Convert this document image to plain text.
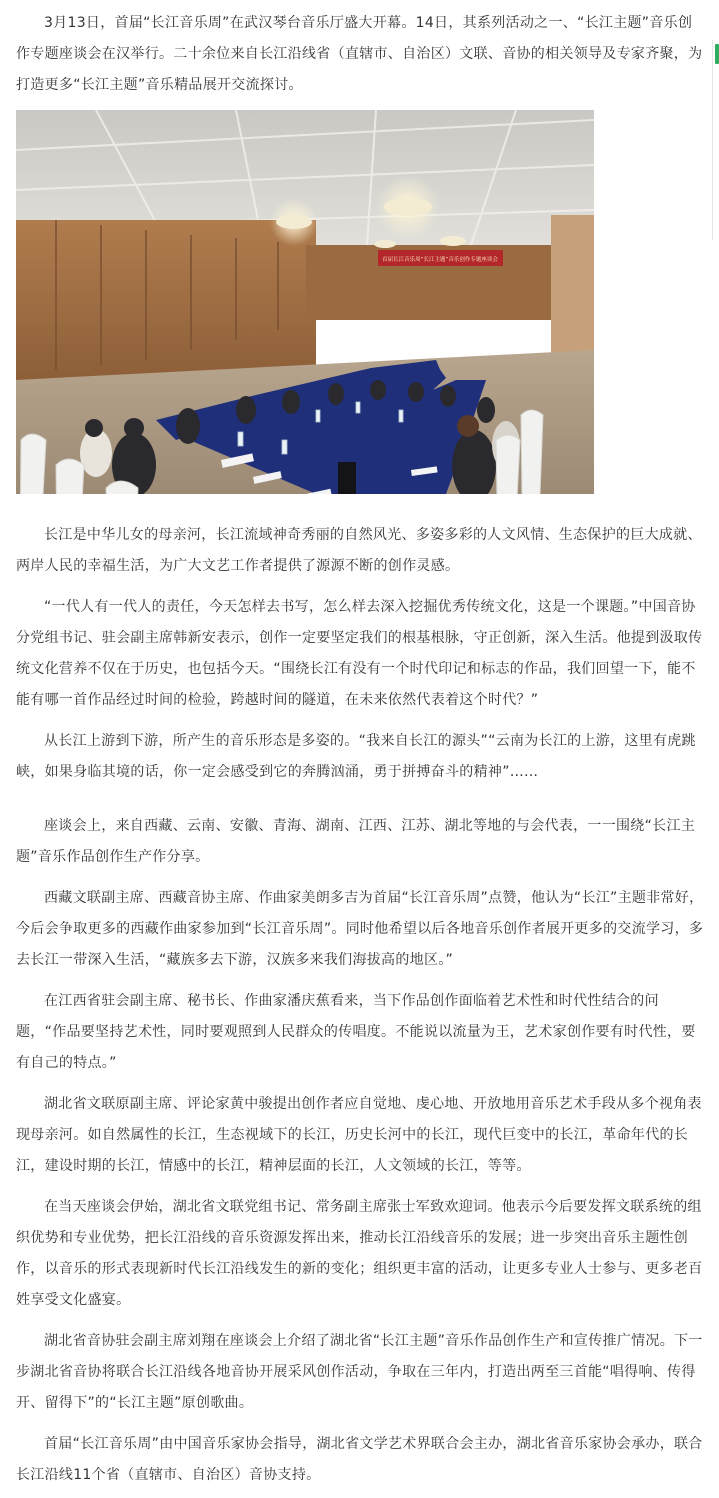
3月13日，首届“长江音乐周”在武汉琴台音乐厅盛大开幕。14日，其系列活动之一、“长江主题”音乐创作专题座谈会在汉举行。二十余位来自长江沿线省（直辖市、自治区）文联、音协的相关领导及专家齐聚，为打造更多“长江主题”音乐精品展开交流探讨。

首届长江音乐周“长江主题”音乐创作专题座谈会

长江是中华儿女的母亲河，长江流域神奇秀丽的自然风光、多姿多彩的人文风情、生态保护的巨大成就、两岸人民的幸福生活，为广大文艺工作者提供了源源不断的创作灵感。

“一代人有一代人的责任，今天怎样去书写，怎么样去深入挖掘优秀传统文化，这是一个课题。”中国音协分党组书记、驻会副主席韩新安表示，创作一定要坚定我们的根基根脉，守正创新，深入生活。他提到汲取传统文化营养不仅在于历史，也包括今天。“围绕长江有没有一个时代印记和标志的作品，我们回望一下，能不能有哪一首作品经过时间的检验，跨越时间的隧道，在未来依然代表着这个时代？”

从长江上游到下游，所产生的音乐形态是多姿的。“我来自长江的源头”“云南为长江的上游，这里有虎跳峡，如果身临其境的话，你一定会感受到它的奔腾汹涌，勇于拼搏奋斗的精神”……

座谈会上，来自西藏、云南、安徽、青海、湖南、江西、江苏、湖北等地的与会代表，一一围绕“长江主题”音乐作品创作生产作分享。

西藏文联副主席、西藏音协主席、作曲家美朗多吉为首届“长江音乐周”点赞，他认为“长江”主题非常好，今后会争取更多的西藏作曲家参加到“长江音乐周”。同时他希望以后各地音乐创作者展开更多的交流学习，多去长江一带深入生活，“藏族多去下游，汉族多来我们海拔高的地区。”

在江西省驻会副主席、秘书长、作曲家潘庆蕉看来，当下作品创作面临着艺术性和时代性结合的问题，“作品要坚持艺术性，同时要观照到人民群众的传唱度。不能说以流量为王，艺术家创作要有时代性，要有自己的特点。”

湖北省文联原副主席、评论家黄中骏提出创作者应自觉地、虔心地、开放地用音乐艺术手段从多个视角表现母亲河。如自然属性的长江，生态视域下的长江，历史长河中的长江，现代巨变中的长江，革命年代的长江，建设时期的长江，情感中的长江，精神层面的长江，人文领域的长江，等等。

在当天座谈会伊始，湖北省文联党组书记、常务副主席张士军致欢迎词。他表示今后要发挥文联系统的组织优势和专业优势，把长江沿线的音乐资源发挥出来，推动长江沿线音乐的发展；进一步突出音乐主题性创作，以音乐的形式表现新时代长江沿线发生的新的变化；组织更丰富的活动，让更多专业人士参与、更多老百姓享受文化盛宴。

湖北省音协驻会副主席刘翔在座谈会上介绍了湖北省“长江主题”音乐作品创作生产和宣传推广情况。下一步湖北省音协将联合长江沿线各地音协开展采风创作活动，争取在三年内，打造出两至三首能“唱得响、传得开、留得下”的“长江主题”原创歌曲。

首届“长江音乐周”由中国音乐家协会指导，湖北省文学艺术界联合会主办，湖北省音乐家协会承办，联合长江沿线11个省（直辖市、自治区）音协支持。
